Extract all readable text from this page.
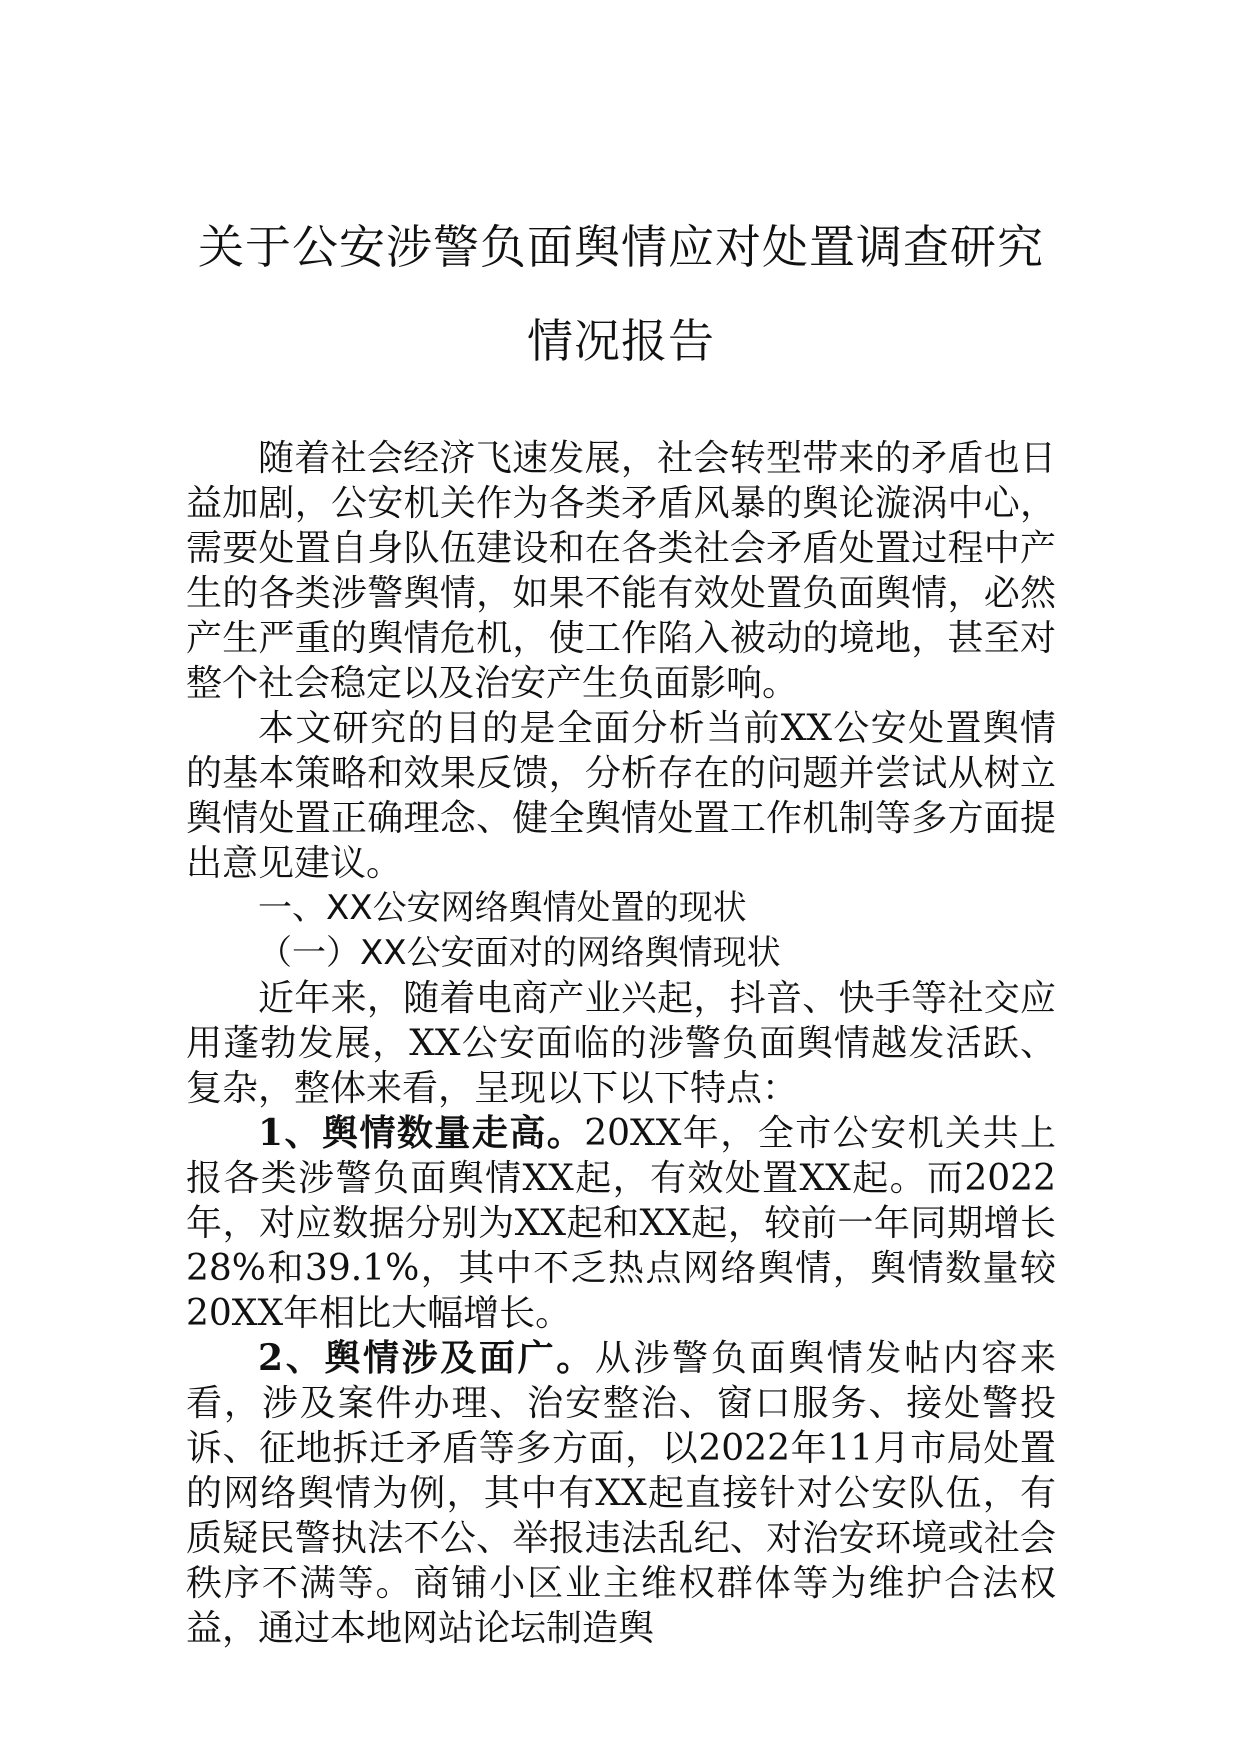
关于公安涉警负面舆情应对处置调查研究
情况报告

随着社会经济飞速发展，社会转型带来的矛盾也日益加剧，公安机关作为各类矛盾风暴的舆论漩涡中心，需要处置自身队伍建设和在各类社会矛盾处置过程中产生的各类涉警舆情，如果不能有效处置负面舆情，必然产生严重的舆情危机，使工作陷入被动的境地，甚至对整个社会稳定以及治安产生负面影响。

本文研究的目的是全面分析当前XX公安处置舆情的基本策略和效果反馈，分析存在的问题并尝试从树立舆情处置正确理念、健全舆情处置工作机制等多方面提出意见建议。

一、XX公安网络舆情处置的现状

（一）XX公安面对的网络舆情现状

近年来，随着电商产业兴起，抖音、快手等社交应用蓬勃发展，XX公安面临的涉警负面舆情越发活跃、复杂，整体来看，呈现以下以下特点：

1、舆情数量走高。20XX年，全市公安机关共上报各类涉警负面舆情XX起，有效处置XX起。而2022年，对应数据分别为XX起和XX起，较前一年同期增长28%和39.1%，其中不乏热点网络舆情，舆情数量较20XX年相比大幅增长。

2、舆情涉及面广。从涉警负面舆情发帖内容来看，涉及案件办理、治安整治、窗口服务、接处警投诉、征地拆迁矛盾等多方面，以2022年11月市局处置的网络舆情为例，其中有XX起直接针对公安队伍，有质疑民警执法不公、举报违法乱纪、对治安环境或社会秩序不满等。商铺小区业主维权群体等为维护合法权益，通过本地网站论坛制造舆
